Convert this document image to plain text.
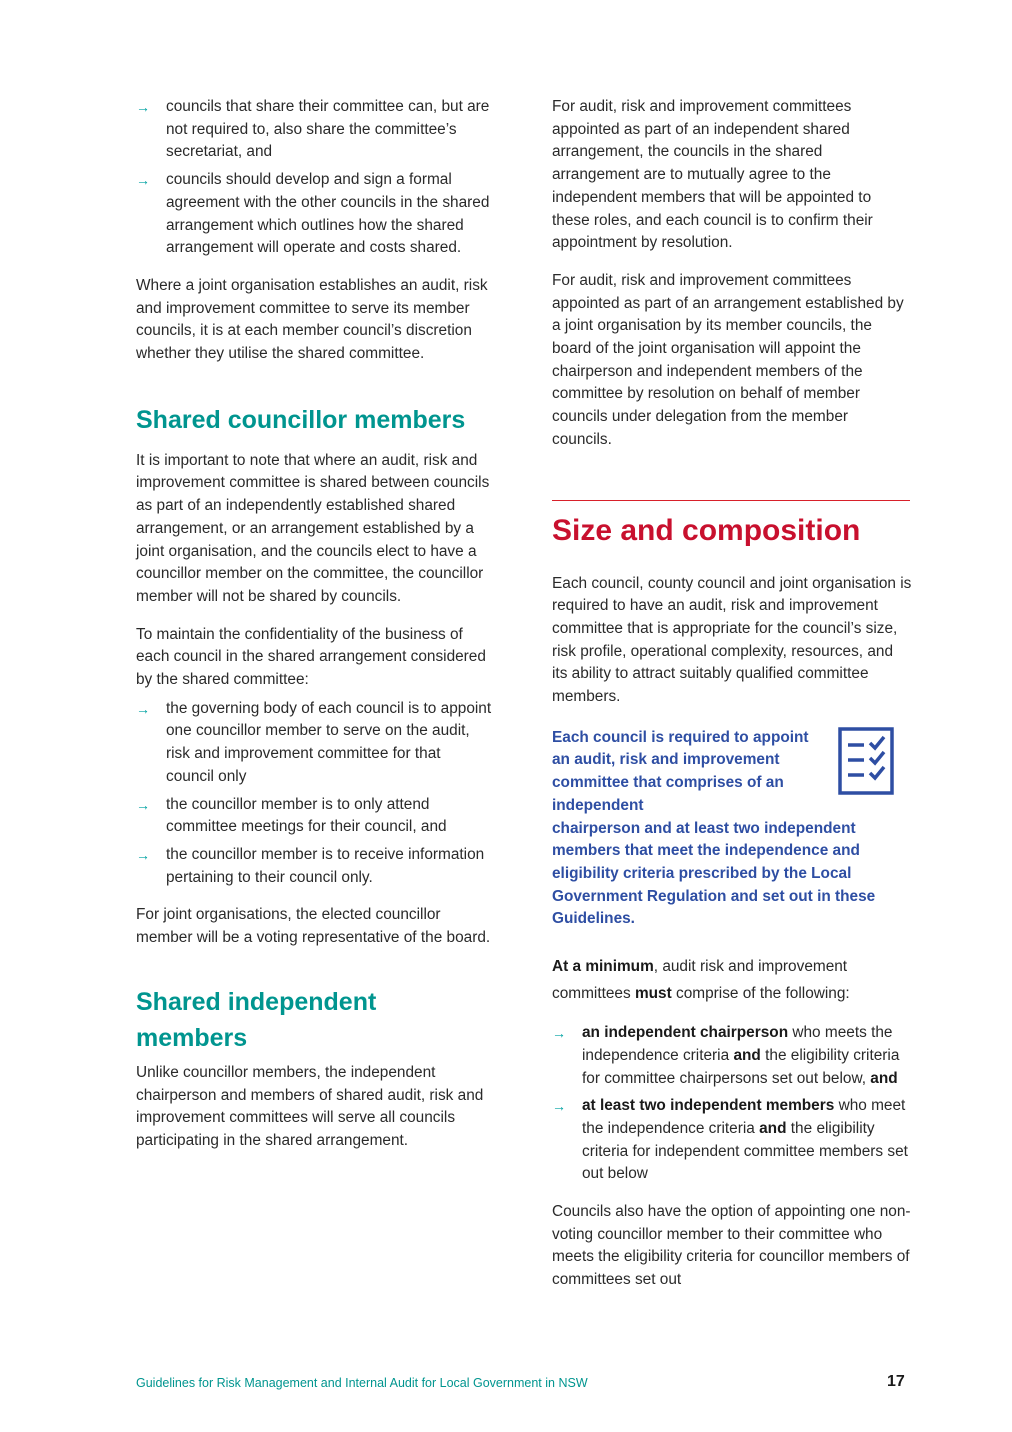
→ councils that share their committee can, but are not required to, also share the committee’s secretariat, and
→ councils should develop and sign a formal agreement with the other councils in the shared arrangement which outlines how the shared arrangement will operate and costs shared.

Where a joint organisation establishes an audit, risk and improvement committee to serve its member councils, it is at each member council’s discretion whether they utilise the shared committee.

Shared councillor members

It is important to note that where an audit, risk and improvement committee is shared between councils as part of an independently established shared arrangement, or an arrangement established by a joint organisation, and the councils elect to have a councillor member on the committee, the councillor member will not be shared by councils.

To maintain the confidentiality of the business of each council in the shared arrangement considered by the shared committee:

→ the governing body of each council is to appoint one councillor member to serve on the audit, risk and improvement committee for that council only
→ the councillor member is to only attend committee meetings for their council, and
→ the councillor member is to receive information pertaining to their council only.

For joint organisations, the elected councillor member will be a voting representative of the board.

Shared independent members

Unlike councillor members, the independent chairperson and members of shared audit, risk and improvement committees will serve all councils participating in the shared arrangement.

For audit, risk and improvement committees appointed as part of an independent shared arrangement, the councils in the shared arrangement are to mutually agree to the independent members that will be appointed to these roles, and each council is to confirm their appointment by resolution.

For audit, risk and improvement committees appointed as part of an arrangement established by a joint organisation by its member councils, the board of the joint organisation will appoint the chairperson and independent members of the committee by resolution on behalf of member councils under delegation from the member councils.

Size and composition

Each council, county council and joint organisation is required to have an audit, risk and improvement committee that is appropriate for the council’s size, risk profile, operational complexity, resources, and its ability to attract suitably qualified committee members.

Each council is required to appoint an audit, risk and improvement committee that comprises of an independent
chairperson and at least two independent members that meet the independence and eligibility criteria prescribed by the Local Government Regulation and set out in these Guidelines.

At a minimum, audit risk and improvement committees must comprise of the following:

→ an independent chairperson who meets the independence criteria and the eligibility criteria for committee chairpersons set out below, and
→ at least two independent members who meet the independence criteria and the eligibility criteria for independent committee members set out below

Councils also have the option of appointing one non-voting councillor member to their committee who meets the eligibility criteria for councillor members of committees set out

Guidelines for Risk Management and Internal Audit for Local Government in NSW	17
